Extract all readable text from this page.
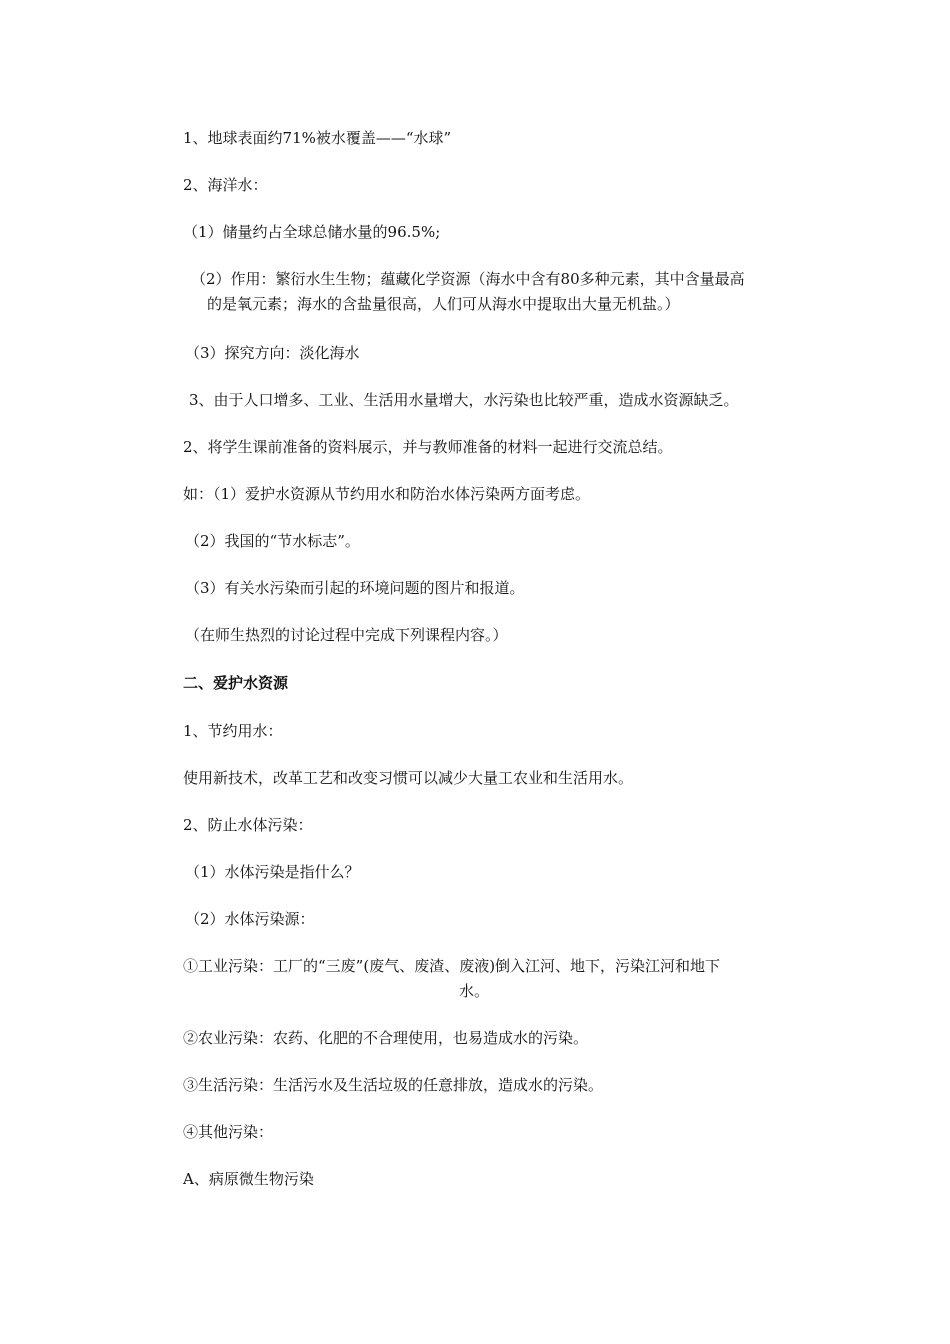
1、地球表面约71%被水覆盖——“水球”
2、海洋水：
（1）储量约占全球总储水量的96.5%;
（2）作用：繁衍水生生物；蕴藏化学资源（海水中含有80多种元素，其中含量最高
的是氧元素；海水的含盐量很高，人们可从海水中提取出大量无机盐。）
（3）探究方向：淡化海水
3、由于人口增多、工业、生活用水量增大，水污染也比较严重，造成水资源缺乏。
2、将学生课前准备的资料展示，并与教师准备的材料一起进行交流总结。
如：（1）爱护水资源从节约用水和防治水体污染两方面考虑。
（2）我国的“节水标志”。
（3）有关水污染而引起的环境问题的图片和报道。
（在师生热烈的讨论过程中完成下列课程内容。）
二、爱护水资源
1、节约用水：
使用新技术，改革工艺和改变习惯可以减少大量工农业和生活用水。
2、防止水体污染：
（1）水体污染是指什么？
（2）水体污染源：
①工业污染：工厂的“三废”(废气、废渣、废液)倒入江河、地下，污染江河和地下
水。
②农业污染：农药、化肥的不合理使用，也易造成水的污染。
③生活污染：生活污水及生活垃圾的任意排放，造成水的污染。
④其他污染：
A、病原微生物污染
